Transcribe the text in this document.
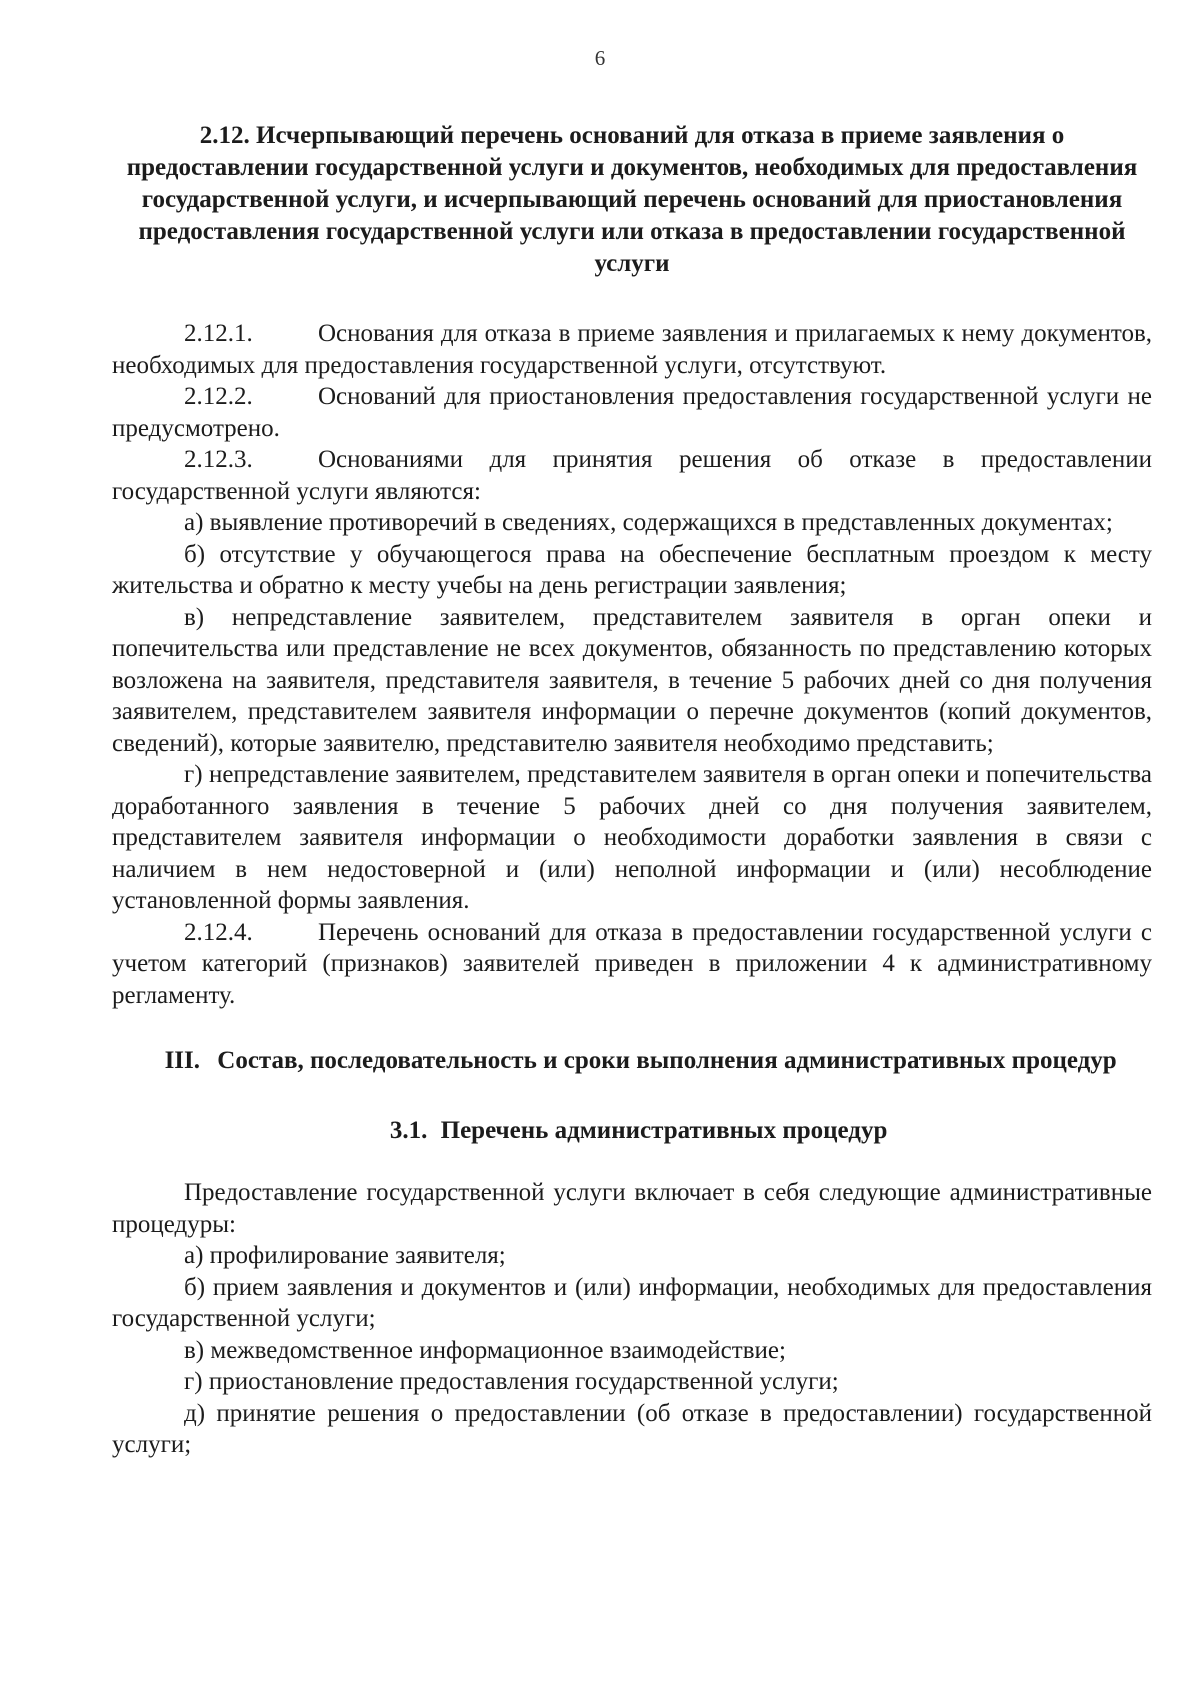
6

2.12. Исчерпывающий перечень оснований для отказа в приеме заявления о предоставлении государственной услуги и документов, необходимых для предоставления государственной услуги, и исчерпывающий перечень оснований для приостановления предоставления государственной услуги или отказа в предоставлении государственной услуги

2.12.1.	Основания для отказа в приеме заявления и прилагаемых к нему документов, необходимых для предоставления государственной услуги, отсутствуют.

2.12.2.	Оснований для приостановления предоставления государственной услуги не предусмотрено.

2.12.3.	Основаниями для принятия решения об отказе в предоставлении государственной услуги являются:

а) выявление противоречий в сведениях, содержащихся в представленных документах;

б) отсутствие у обучающегося права на обеспечение бесплатным проездом к месту жительства и обратно к месту учебы на день регистрации заявления;

в) непредставление заявителем, представителем заявителя в орган опеки и попечительства или представление не всех документов, обязанность по представлению которых возложена на заявителя, представителя заявителя, в течение 5 рабочих дней со дня получения заявителем, представителем заявителя информации о перечне документов (копий документов, сведений), которые заявителю, представителю заявителя необходимо представить;

г) непредставление заявителем, представителем заявителя в орган опеки и попечительства доработанного заявления в течение 5 рабочих дней со дня получения заявителем, представителем заявителя информации о необходимости доработки заявления в связи с наличием в нем недостоверной и (или) неполной информации и (или) несоблюдение установленной формы заявления.

2.12.4.	Перечень оснований для отказа в предоставлении государственной услуги с учетом категорий (признаков) заявителей приведен в приложении 4 к административному регламенту.

III. Состав, последовательность и сроки выполнения административных процедур

3.1. Перечень административных процедур

Предоставление государственной услуги включает в себя следующие административные процедуры:

а) профилирование заявителя;

б) прием заявления и документов и (или) информации, необходимых для предоставления государственной услуги;

в) межведомственное информационное взаимодействие;

г) приостановление предоставления государственной услуги;

д) принятие решения о предоставлении (об отказе в предоставлении) государственной услуги;
